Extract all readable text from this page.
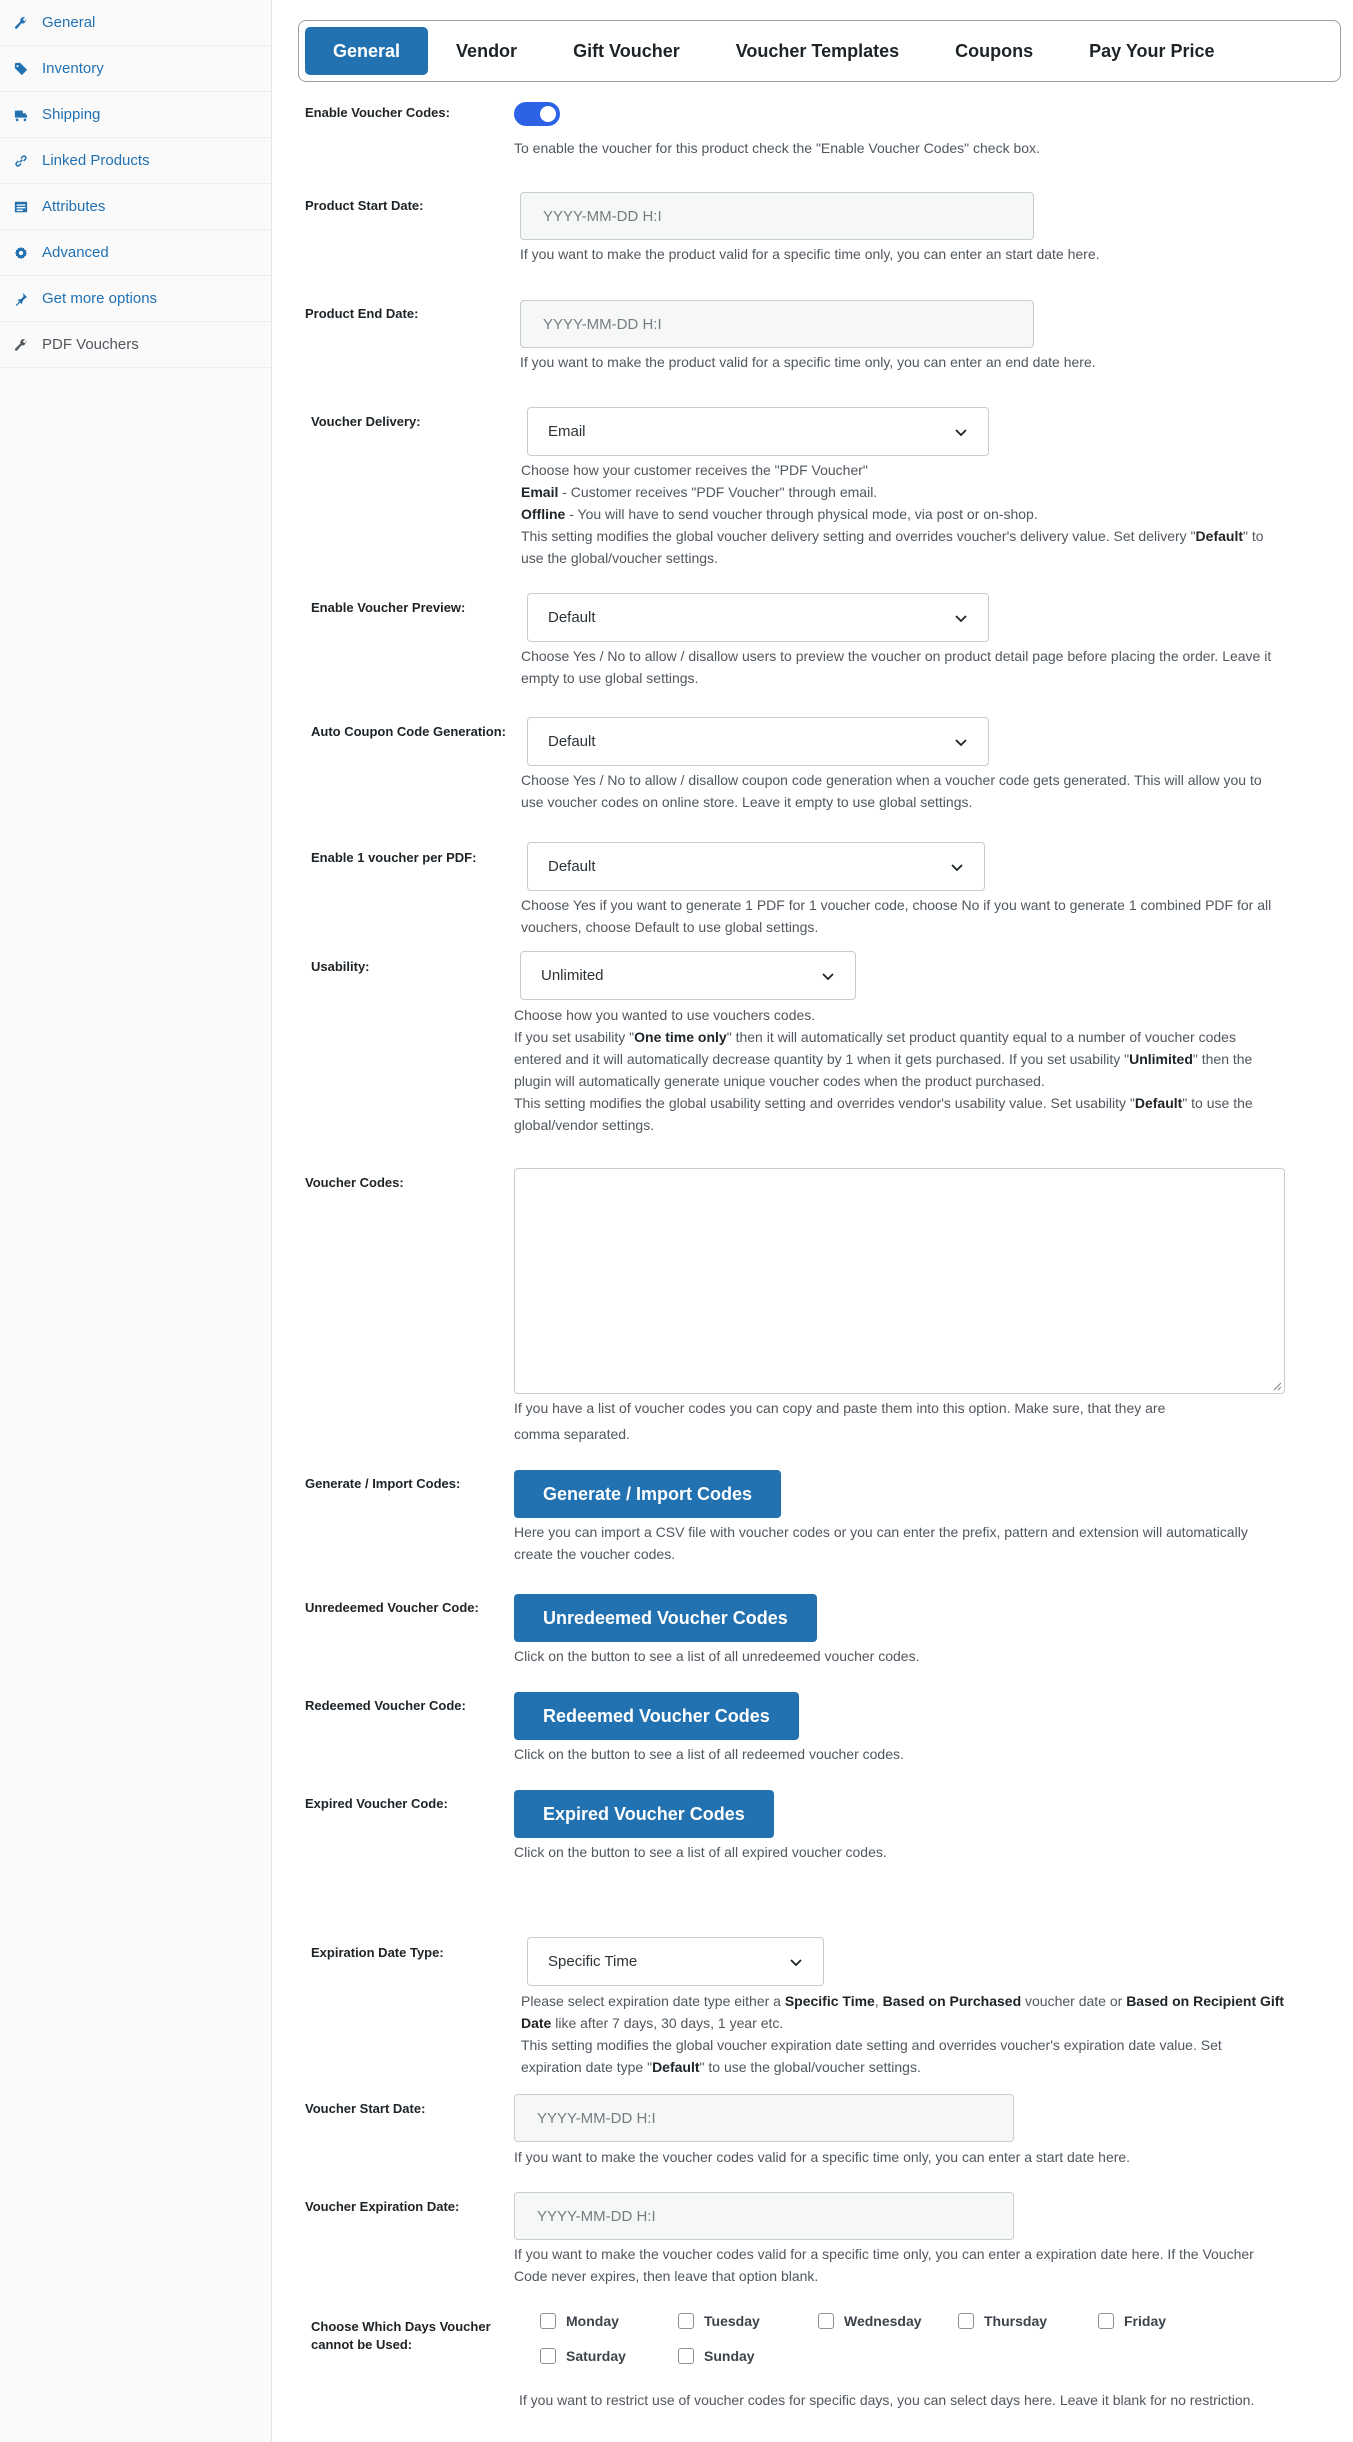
General
Inventory
Shipping
Linked Products
Attributes
Advanced
Get more options
PDF Vouchers
General	Vendor	Gift Voucher	Voucher Templates	Coupons	Pay Your Price
Enable Voucher Codes:
To enable the voucher for this product check the "Enable Voucher Codes" check box.
Product Start Date:
YYYY-MM-DD H:I
If you want to make the product valid for a specific time only, you can enter an start date here.
Product End Date:
YYYY-MM-DD H:I
If you want to make the product valid for a specific time only, you can enter an end date here.
Voucher Delivery:
Email
Choose how your customer receives the "PDF Voucher"
Email - Customer receives "PDF Voucher" through email.
Offline - You will have to send voucher through physical mode, via post or on-shop.
This setting modifies the global voucher delivery setting and overrides voucher's delivery value. Set delivery "Default" to
use the global/voucher settings.
Enable Voucher Preview:
Default
Choose Yes / No to allow / disallow users to preview the voucher on product detail page before placing the order. Leave it
empty to use global settings.
Auto Coupon Code Generation:
Default
Choose Yes / No to allow / disallow coupon code generation when a voucher code gets generated. This will allow you to
use voucher codes on online store. Leave it empty to use global settings.
Enable 1 voucher per PDF:
Default
Choose Yes if you want to generate 1 PDF for 1 voucher code, choose No if you want to generate 1 combined PDF for all
vouchers, choose Default to use global settings.
Usability:
Unlimited
Choose how you wanted to use vouchers codes.
If you set usability "One time only" then it will automatically set product quantity equal to a number of voucher codes
entered and it will automatically decrease quantity by 1 when it gets purchased. If you set usability "Unlimited" then the
plugin will automatically generate unique voucher codes when the product purchased.
This setting modifies the global usability setting and overrides vendor's usability value. Set usability "Default" to use the
global/vendor settings.
Voucher Codes:
If you have a list of voucher codes you can copy and paste them into this option. Make sure, that they are
comma separated.
Generate / Import Codes:	Generate / Import Codes
Here you can import a CSV file with voucher codes or you can enter the prefix, pattern and extension will automatically
create the voucher codes.
Unredeemed Voucher Code:	Unredeemed Voucher Codes
Click on the button to see a list of all unredeemed voucher codes.
Redeemed Voucher Code:	Redeemed Voucher Codes
Click on the button to see a list of all redeemed voucher codes.
Expired Voucher Code:	Expired Voucher Codes
Click on the button to see a list of all expired voucher codes.
Expiration Date Type:
Specific Time
Please select expiration date type either a Specific Time, Based on Purchased voucher date or Based on Recipient Gift
Date like after 7 days, 30 days, 1 year etc.
This setting modifies the global voucher expiration date setting and overrides voucher's expiration date value. Set
expiration date type "Default" to use the global/voucher settings.
Voucher Start Date:
YYYY-MM-DD H:I
If you want to make the voucher codes valid for a specific time only, you can enter a start date here.
Voucher Expiration Date:
YYYY-MM-DD H:I
If you want to make the voucher codes valid for a specific time only, you can enter a expiration date here. If the Voucher
Code never expires, then leave that option blank.
Choose Which Days Voucher
cannot be Used:
Monday	Tuesday	Wednesday	Thursday	Friday
Saturday	Sunday
If you want to restrict use of voucher codes for specific days, you can select days here. Leave it blank for no restriction.
